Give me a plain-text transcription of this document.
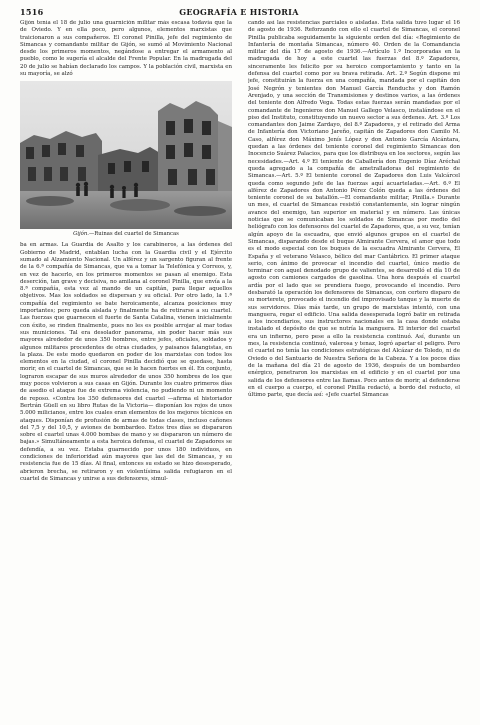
1516	GEOGRAFÍA E HISTORIA

Gijón tenía el 18 de julio una guarnición militar más escasa todavía que la de Oviedo. Y en ella poco, pero algunos, elementos marxistas que traicionaron a sus compañeros. El coronel Pinilla, jefe del regimiento de Simancas y comandante militar de Gijón, se sumó al Movimiento Nacional desde los primeros momentos, negándose a entregar el armamento al pueblo, como le sugería el alcalde del Frente Popular. En la madrugada del 20 de julio se habían declarado los campos. Y la población civil, marxista en su mayoría, se alzó

Gijón.—Ruinas del cuartel de Simancas

ba en armas. La Guardia de Asalto y los carabineros, a las órdenes del Gobierno de Madrid, entablan lucha con la Guardia civil y el Ejército sumado al Alzamiento Nacional. Un alférez y un sargento figuran al frente de la 6.ª compañía de Simancas, que va a tomar la Telefónica y Correos, y, en vez de hacerlo, en los primeros momentos se pasan al enemigo. Esta deserción, tan grave y decisiva, no amilana al coronel Pinilla, que envía a la 8.ª compañía, esta vez al mando de un capitán, para llegar aquellos objetivos. Mas los soldados se dispersan y su oficial. Por otro lado, la 1.ª compañía del regimiento se bate heroicamente, alcanza posiciones muy importantes; pero queda aislada y finalmente ha de retirarse a su cuartel. Las fuerzas que guarnecen el fuerte de Santa Catalina, vienen inicialmente con éxito, se rinden finalmente, pues no les es posible arrojar al mar todas sus municiones. Tal era desolador panorama, sin poder hacer más sus mayores alrededor de unos 350 hombres, entre jefes, oficiales, soldados y algunos militares procedentes de otras ciudades, y paisanos falangistas, en la plaza. De este modo quedaron en poder de los marxistas con todos los elementos en la ciudad, el coronel Pinilla decidió que se quedase, hasta morir, en el cuartel de Simancas, que se le hacen fuertes en él. En conjunto, lograron escapar de sus muros alrededor de unos 350 hombres de los que muy pocos volvieron a sus casas en Gijón. Durante los cuatro primeros días de asedio el ataque fue de extrema violencia, no pudiendo ni un momento de reposo. «Contra los 350 defensores del cuartel —afirma el historiador Bertrán Güell en su libro Rutas de la Victoria— disponían los rojos de unos 5.000 milicianos, entre los cuales eran elementos de los mejores técnicos en ataques. Disponían de profusión de armas de todas clases, incluso cañones del 7,5 y del 10,5, y aviones de bombardeo. Estos tres días se dispararon sobre el cuartel unas 4.000 bombas de mano y se dispararon un número de bajas.» Simultáneamente a esta heroica defensa, el cuartel de Zapadores se defendía, a su vez. Estaba guarnecido por unos 180 individuos, en condiciones de inferioridad aún mayores que las del de Simancas, y su resistencia fue de 15 días. Al final, entonces su estado se hizo desesperado, abrieron brecha, se retiraron y en violentísima salida refugiaron en el cuartel de Simancas y unirse a sus defensores, simul-

cando así las resistencias parciales o aisladas. Esta salida tuvo lugar el 16 de agosto de 1936. Reforzando con ello el cuartel de Simancas, el coronel Pinilla publicaba seguidamente la siguiente orden del día: «Regimiento de Infantería de montaña Simancas, número 40. Orden de la Comandancia militar del día 17 de agosto de 1936.—Artículo 1.º Incorporadas en la madrugada de hoy a este cuartel las fuerzas del 8.º Zapadores, sinceramente les felicito por su heroico comportamiento y tanto en la defensa del cuartel como por su brava retirada. Art. 2.º Según dispone mi jefe, constituirán la fuerza en una compañía, mandada por el capitán don José Negrón y tenientes don Manuel García Renduchs y don Ramón Arenjado, y una sección de Transmisiones y destinos varios, a las órdenes del teniente don Alfredo Vega. Todas estas fuerzas serán mandadas por el comandante de Ingenieros don Manuel Gallego Velasco, instalándose en el piso del Instituto, constituyendo un nuevo sector a sus órdenes. Art. 3.º Los comandantes don Jaime Zardayo, del 8.º Zapadores, y el retirado del Arma de Infantería don Victoriano Jareño, capitán de Zapadores don Camilo M. Caso, alférez don Máximo Jenís López y don Antonio García Alcántara, quedan a las órdenes del teniente coronel del regimiento Simancas don Inocencio Suárez Palacios, para que los distribuya en los sectores, según las necesidades.—Art. 4.º El teniente de Caballería don Eugenio Díaz Aréchal queda agregado a la compañía de ametralladoras del regimiento de Simancas.—Art. 5.º El teniente coronel de Zapadores don Luis Valcárcel queda como segundo jefe de las fuerzas aquí acuarteladas.—Art. 6.º El alférez de Zapadores don Antonio Pérez Colón queda a las órdenes del teniente coronel de su batallón.—El comandante militar, Pinilla.» Durante un mes, el cuartel de Simancas resistió constantemente, sin lograr ningún avance del enemigo, tan superior en material y en número. Las únicas noticias que se comunicaban los soldados de Simancas por medio del heliógrafo con los defensores del cuartel de Zapadores, que, a su vez, tenían algún apoyo de la escuadra, que envió algunos grupos en el cuartel de Simancas, disparando desde el buque Almirante Cervera, el amor que todo es el modo especial con los buques de la escuadra Almirante Cervera, El España y el veterano Velasco, bélico del mar Cantábrico. El primer ataque serio, con ánimo de provocar el incendio del cuartel, único medio de terminar con aquel denodado grupo de valientes, se desarrolló el día 10 de agosto con camiones cargados de gasolina. Una hora después el cuartel ardía por el lado que se prendiera fuego, provocando el incendio. Pero desbarató la operación los defensores de Simancas, con certero disparo de su morterete, provocado el incendio del improvisado tanque y la muerte de sus servidores. Días más tarde, un grupo de marxistas intentó, con una manguera, regar el edificio. Una salida desesperada logró batir en retirada a los incendiarios, sus instructores nacionales en la casa donde estaba instalado el depósito de que se nutría la manguera. El interior del cuartel era un infierno, pero pese a ello la resistencia continuó. Así, durante un mes, la resistencia continuó, valerosa y tenaz, logró apartar el peligro. Pero el cuartel no tenía las condiciones estratégicas del Alcázar de Toledo, ni de Oviedo o del Santuario de Nuestra Señora de la Cabeza. Y a los pocos días de la mañana del día 21 de agosto de 1936, después de un bombardeo enérgico, penetraron los marxistas en el edificio y en el cuartel por una salida de los defensores entre las llamas. Poco antes de morir, al defenderse en el cuerpo a cuerpo, el coronel Pinilla redactó, a bordo del reducto, el último parte, que decía así: «Jefe cuartel Simancas
